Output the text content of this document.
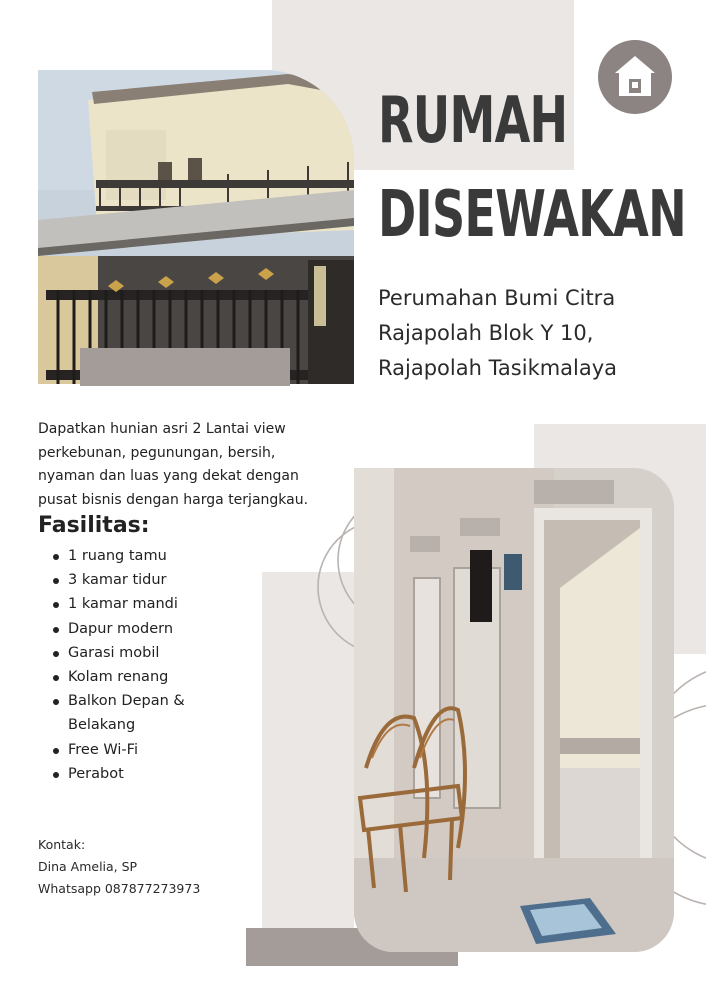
RUMAH
DISEWAKAN
Perumahan Bumi Citra
Rajapolah Blok Y 10,
Rajapolah Tasikmalaya
Dapatkan hunian asri 2 Lantai view
perkebunan, pegunungan, bersih,
nyaman dan luas yang dekat dengan
pusat bisnis dengan harga terjangkau.
Fasilitas:
1 ruang tamu
3 kamar tidur
1 kamar mandi
Dapur modern
Garasi mobil
Kolam renang
Balkon Depan &
Belakang
Free Wi-Fi
Perabot
Kontak:
Dina Amelia, SP
Whatsapp 087877273973
